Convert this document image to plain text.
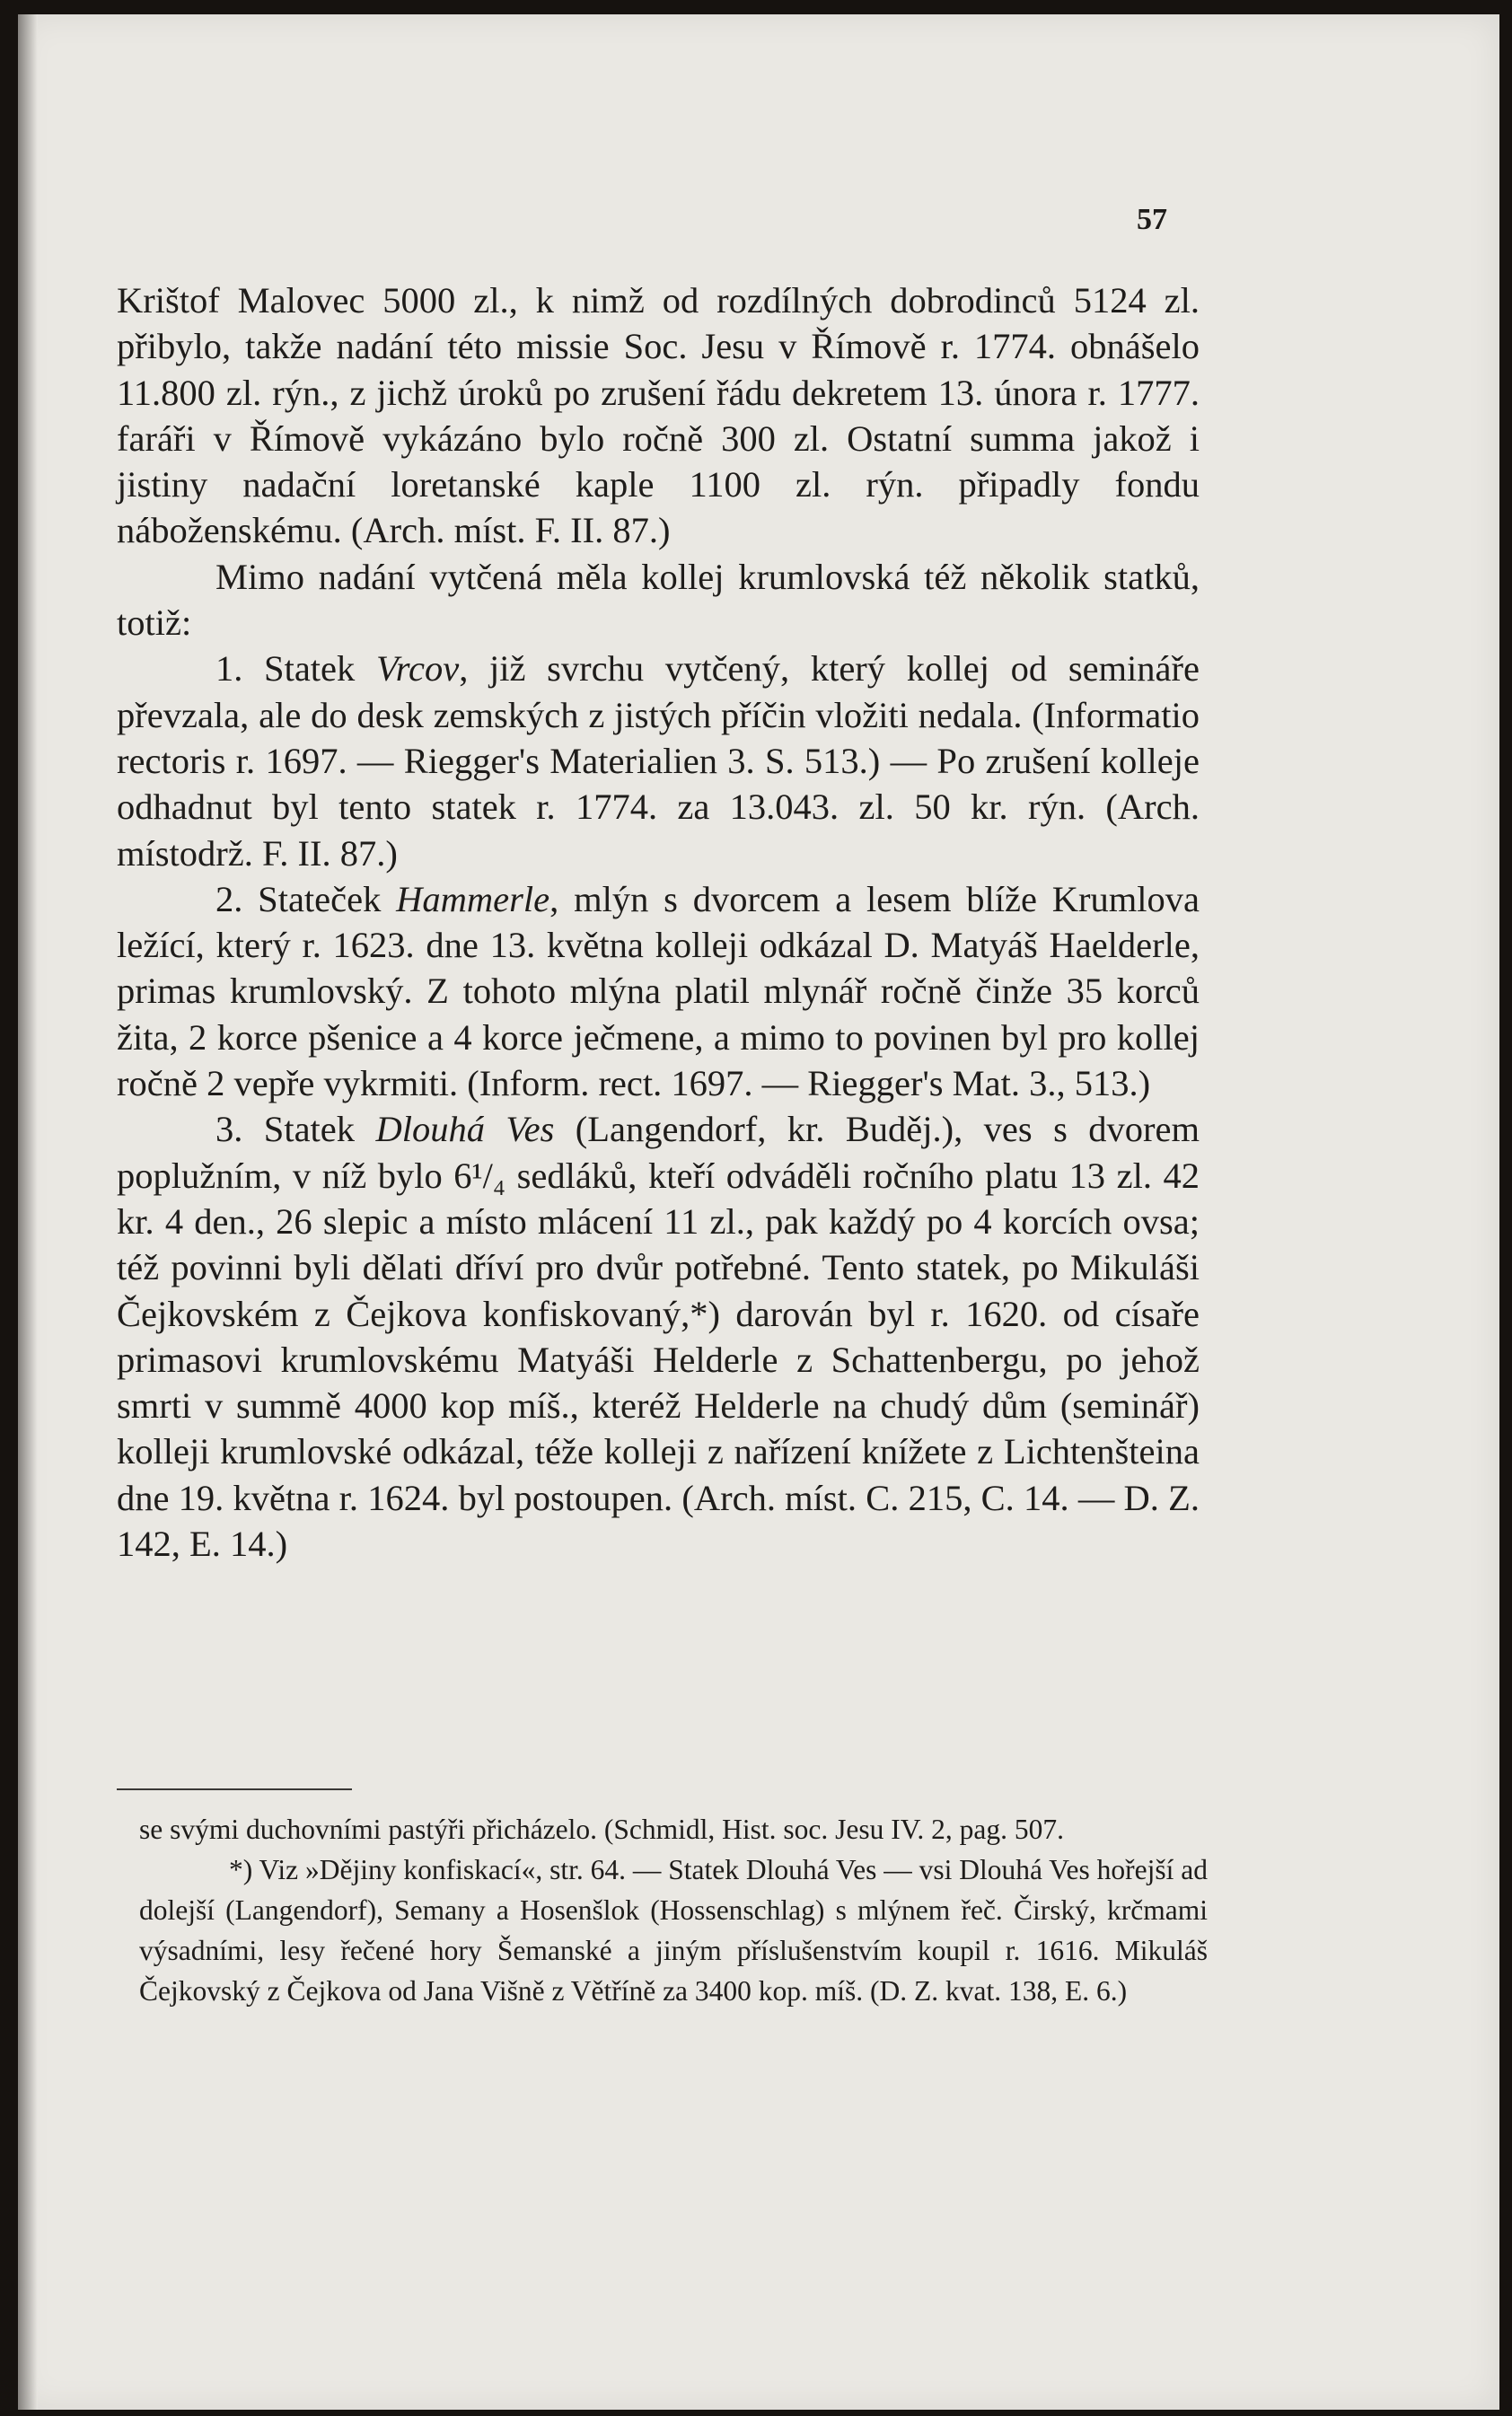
57

Krištof Malovec 5000 zl., k nimž od rozdílných dobrodinců 5124 zl. přibylo, takže nadání této missie Soc. Jesu v Římově r. 1774. obnášelo 11.800 zl. rýn., z jichž úroků po zrušení řádu dekretem 13. února r. 1777. faráři v Římově vykázáno bylo ročně 300 zl. Ostatní summa jakož i jistiny nadační loretanské kaple 1100 zl. rýn. připadly fondu náboženskému. (Arch. míst. F. II. 87.)

Mimo nadání vytčená měla kollej krumlovská též několik statků, totiž:

1. Statek Vrcov, již svrchu vytčený, který kollej od semináře převzala, ale do desk zemských z jistých příčin vložiti nedala. (Informatio rectoris r. 1697. — Riegger's Materialien 3. S. 513.) — Po zrušení kolleje odhadnut byl tento statek r. 1774. za 13.043. zl. 50 kr. rýn. (Arch. místodrž. F. II. 87.)

2. Stateček Hammerle, mlýn s dvorcem a lesem blíže Krumlova ležící, který r. 1623. dne 13. května kolleji odkázal D. Matyáš Haelderle, primas krumlovský. Z tohoto mlýna platil mlynář ročně činže 35 korců žita, 2 korce pšenice a 4 korce ječmene, a mimo to povinen byl pro kollej ročně 2 vepře vykrmiti. (Inform. rect. 1697. — Riegger's Mat. 3., 513.)

3. Statek Dlouhá Ves (Langendorf, kr. Buděj.), ves s dvorem poplužním, v níž bylo 6¹/₄ sedláků, kteří odváděli ročního platu 13 zl. 42 kr. 4 den., 26 slepic a místo mlácení 11 zl., pak každý po 4 korcích ovsa; též povinni byli dělati dříví pro dvůr potřebné. Tento statek, po Mikuláši Čejkovském z Čejkova konfiskovaný,*) darován byl r. 1620. od císaře primasovi krumlovskému Matyáši Helderle z Schattenbergu, po jehož smrti v summě 4000 kop míš., kteréž Helderle na chudý dům (seminář) kolleji krumlovské odkázal, téže kolleji z nařízení knížete z Lichtenšteina dne 19. května r. 1624. byl postoupen. (Arch. míst. C. 215, C. 14. — D. Z. 142, E. 14.)

se svými duchovními pastýři přicházelo. (Schmidl, Hist. soc. Jesu IV. 2, pag. 507.

*) Viz »Dějiny konfiskací«, str. 64. — Statek Dlouhá Ves — vsi Dlouhá Ves hořejší ad dolejší (Langendorf), Semany a Hosenšlok (Hossenschlag) s mlýnem řeč. Čirský, krčmami výsadními, lesy řečené hory Šemanské a jiným příslušenstvím koupil r. 1616. Mikuláš Čejkovský z Čejkova od Jana Višně z Větříně za 3400 kop. míš. (D. Z. kvat. 138, E. 6.)
